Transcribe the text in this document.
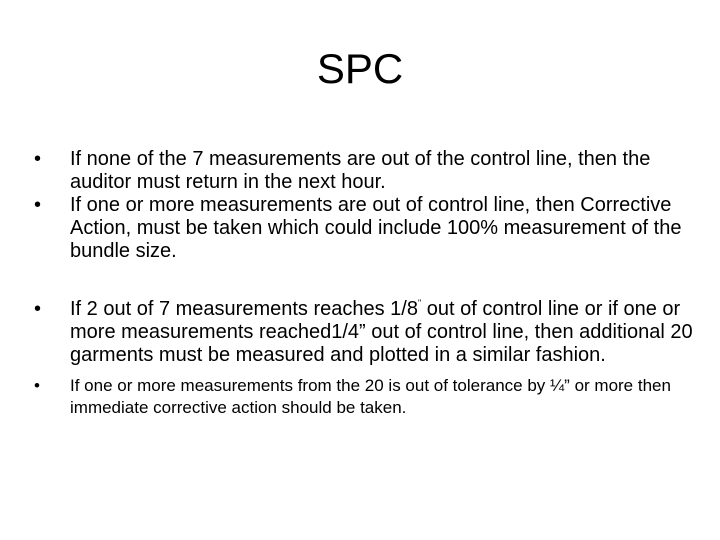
SPC
• If none of the 7 measurements are out of the control line, then the auditor must return in the next hour.
• If one or more measurements are out of control line, then Corrective Action, must be taken which could include 100% measurement of the bundle size.
• If 2 out of 7 measurements reaches 1/8" out of control line or if one or more measurements reached1/4” out of control line, then additional 20 garments must be measured and plotted in a similar fashion.
• If one or more measurements from the 20 is out of tolerance by ¼” or more then immediate corrective action should be taken.
